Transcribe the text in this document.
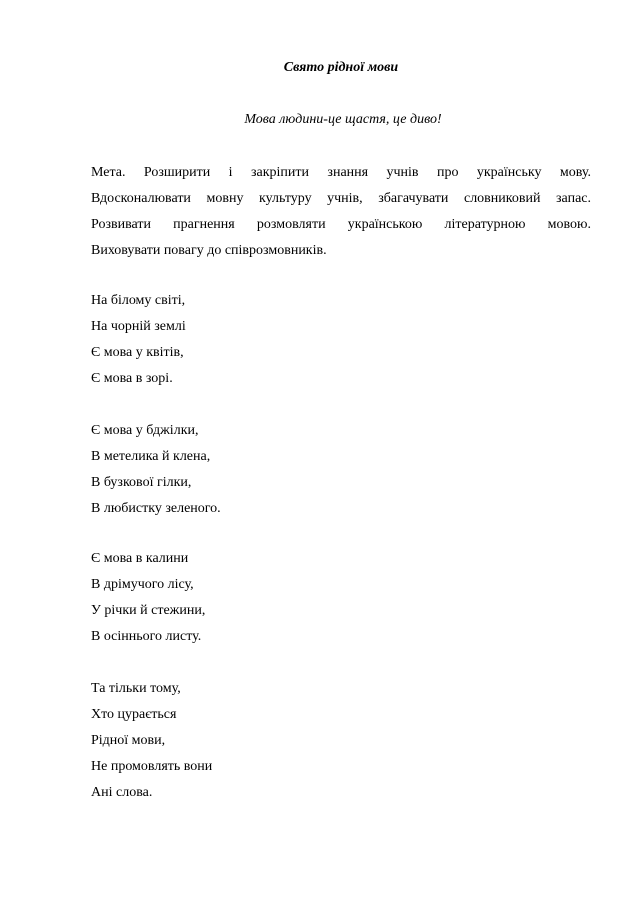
Свято рідної мови
Мова людини-це щастя, це диво!
Мета. Розширити і закріпити знання учнів про українську мову.
Вдосконалювати мовну культуру учнів, збагачувати словниковий запас.
Розвивати прагнення розмовляти українською літературною мовою.
Виховувати повагу до співрозмовників.
На білому світі,
На чорній землі
Є мова у квітів,
Є мова в зорі.
Є мова у бджілки,
В метелика й клена,
В бузкової гілки,
В любистку зеленого.
Є мова в калини
В дрімучого лісу,
У річки й стежини,
В осіннього листу.
Та тільки тому,
Хто цурається
Рідної мови,
Не промовлять вони
Ані слова.
